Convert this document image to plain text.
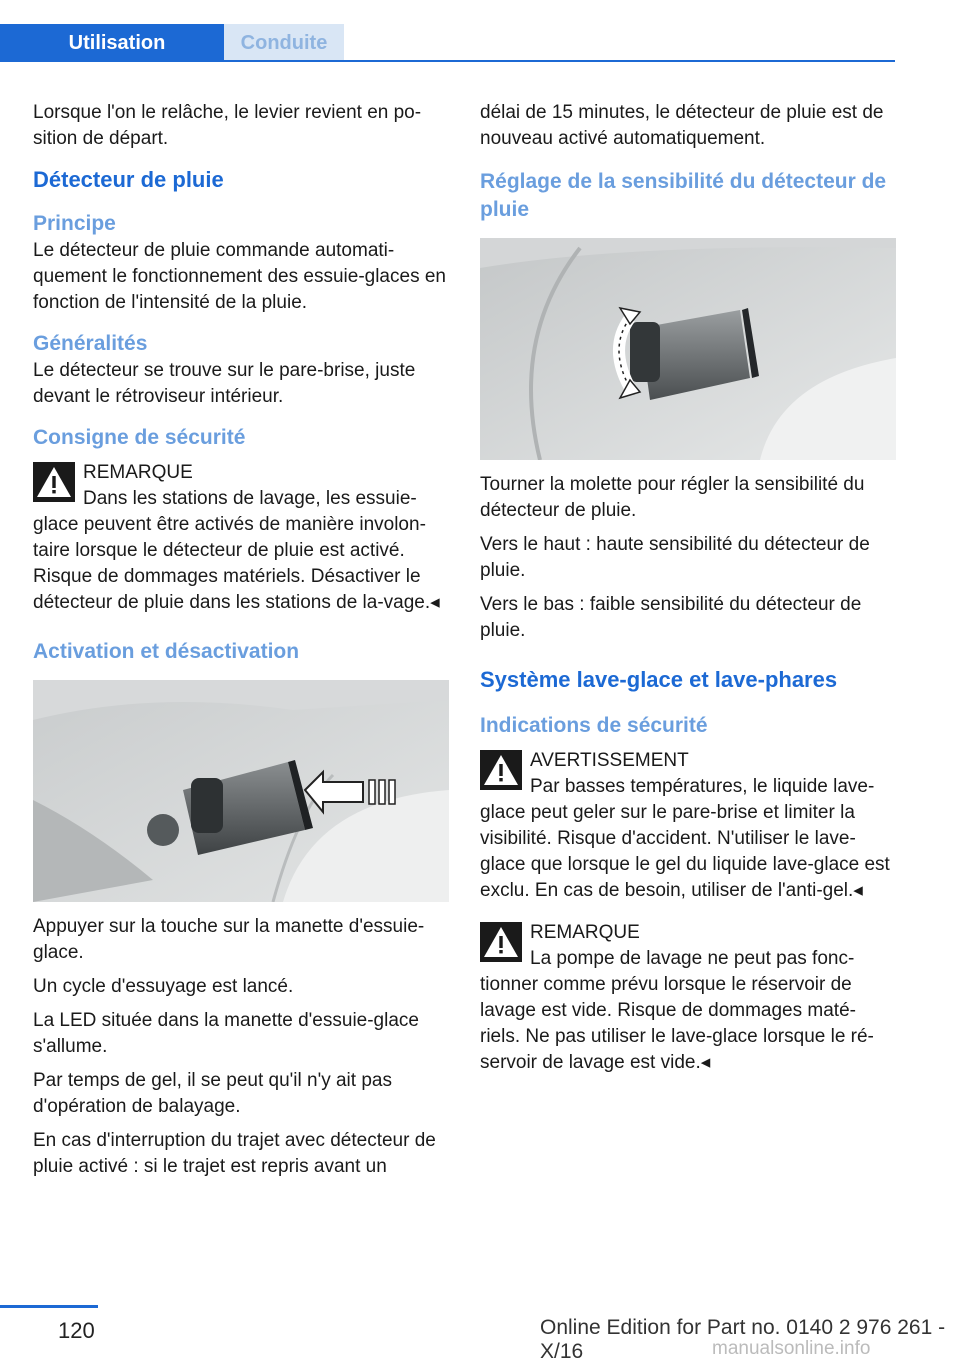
Utilisation	Conduite

Lorsque l'on le relâche, le levier revient en po-sition de départ.

Détecteur de pluie
Principe

Le détecteur de pluie commande automati-quement le fonctionnement des essuie-glaces en fonction de l'intensité de la pluie.

Généralités

Le détecteur se trouve sur le pare-brise, juste devant le rétroviseur intérieur.

Consigne de sécurité
REMARQUE
Dans les stations de lavage, les essuie-glace peuvent être activés de manière involon-taire lorsque le détecteur de pluie est activé. Risque de dommages matériels. Désactiver le détecteur de pluie dans les stations de la-vage.◂
Activation et désactivation

Appuyer sur la touche sur la manette d'essuie-glace.

Un cycle d'essuyage est lancé.

La LED située dans la manette d'essuie-glace s'allume.

Par temps de gel, il se peut qu'il n'y ait pas d'opération de balayage.

En cas d'interruption du trajet avec détecteur de pluie activé : si le trajet est repris avant un

délai de 15 minutes, le détecteur de pluie est de nouveau activé automatiquement.

Réglage de la sensibilité du détecteur de pluie

Tourner la molette pour régler la sensibilité du détecteur de pluie.

Vers le haut : haute sensibilité du détecteur de pluie.

Vers le bas : faible sensibilité du détecteur de pluie.

Système lave-glace et lave-phares
Indications de sécurité
AVERTISSEMENT
Par basses températures, le liquide lave-glace peut geler sur le pare-brise et limiter la visibilité. Risque d'accident. N'utiliser le lave-glace que lorsque le gel du liquide lave-glace est exclu. En cas de besoin, utiliser de l'anti-gel.◂
REMARQUE
La pompe de lavage ne peut pas fonc-tionner comme prévu lorsque le réservoir de lavage est vide. Risque de dommages maté-riels. Ne pas utiliser le lave-glace lorsque le ré-servoir de lavage est vide.◂
120	Online Edition for Part no. 0140 2 976 261 - X/16	manualsonline.info
